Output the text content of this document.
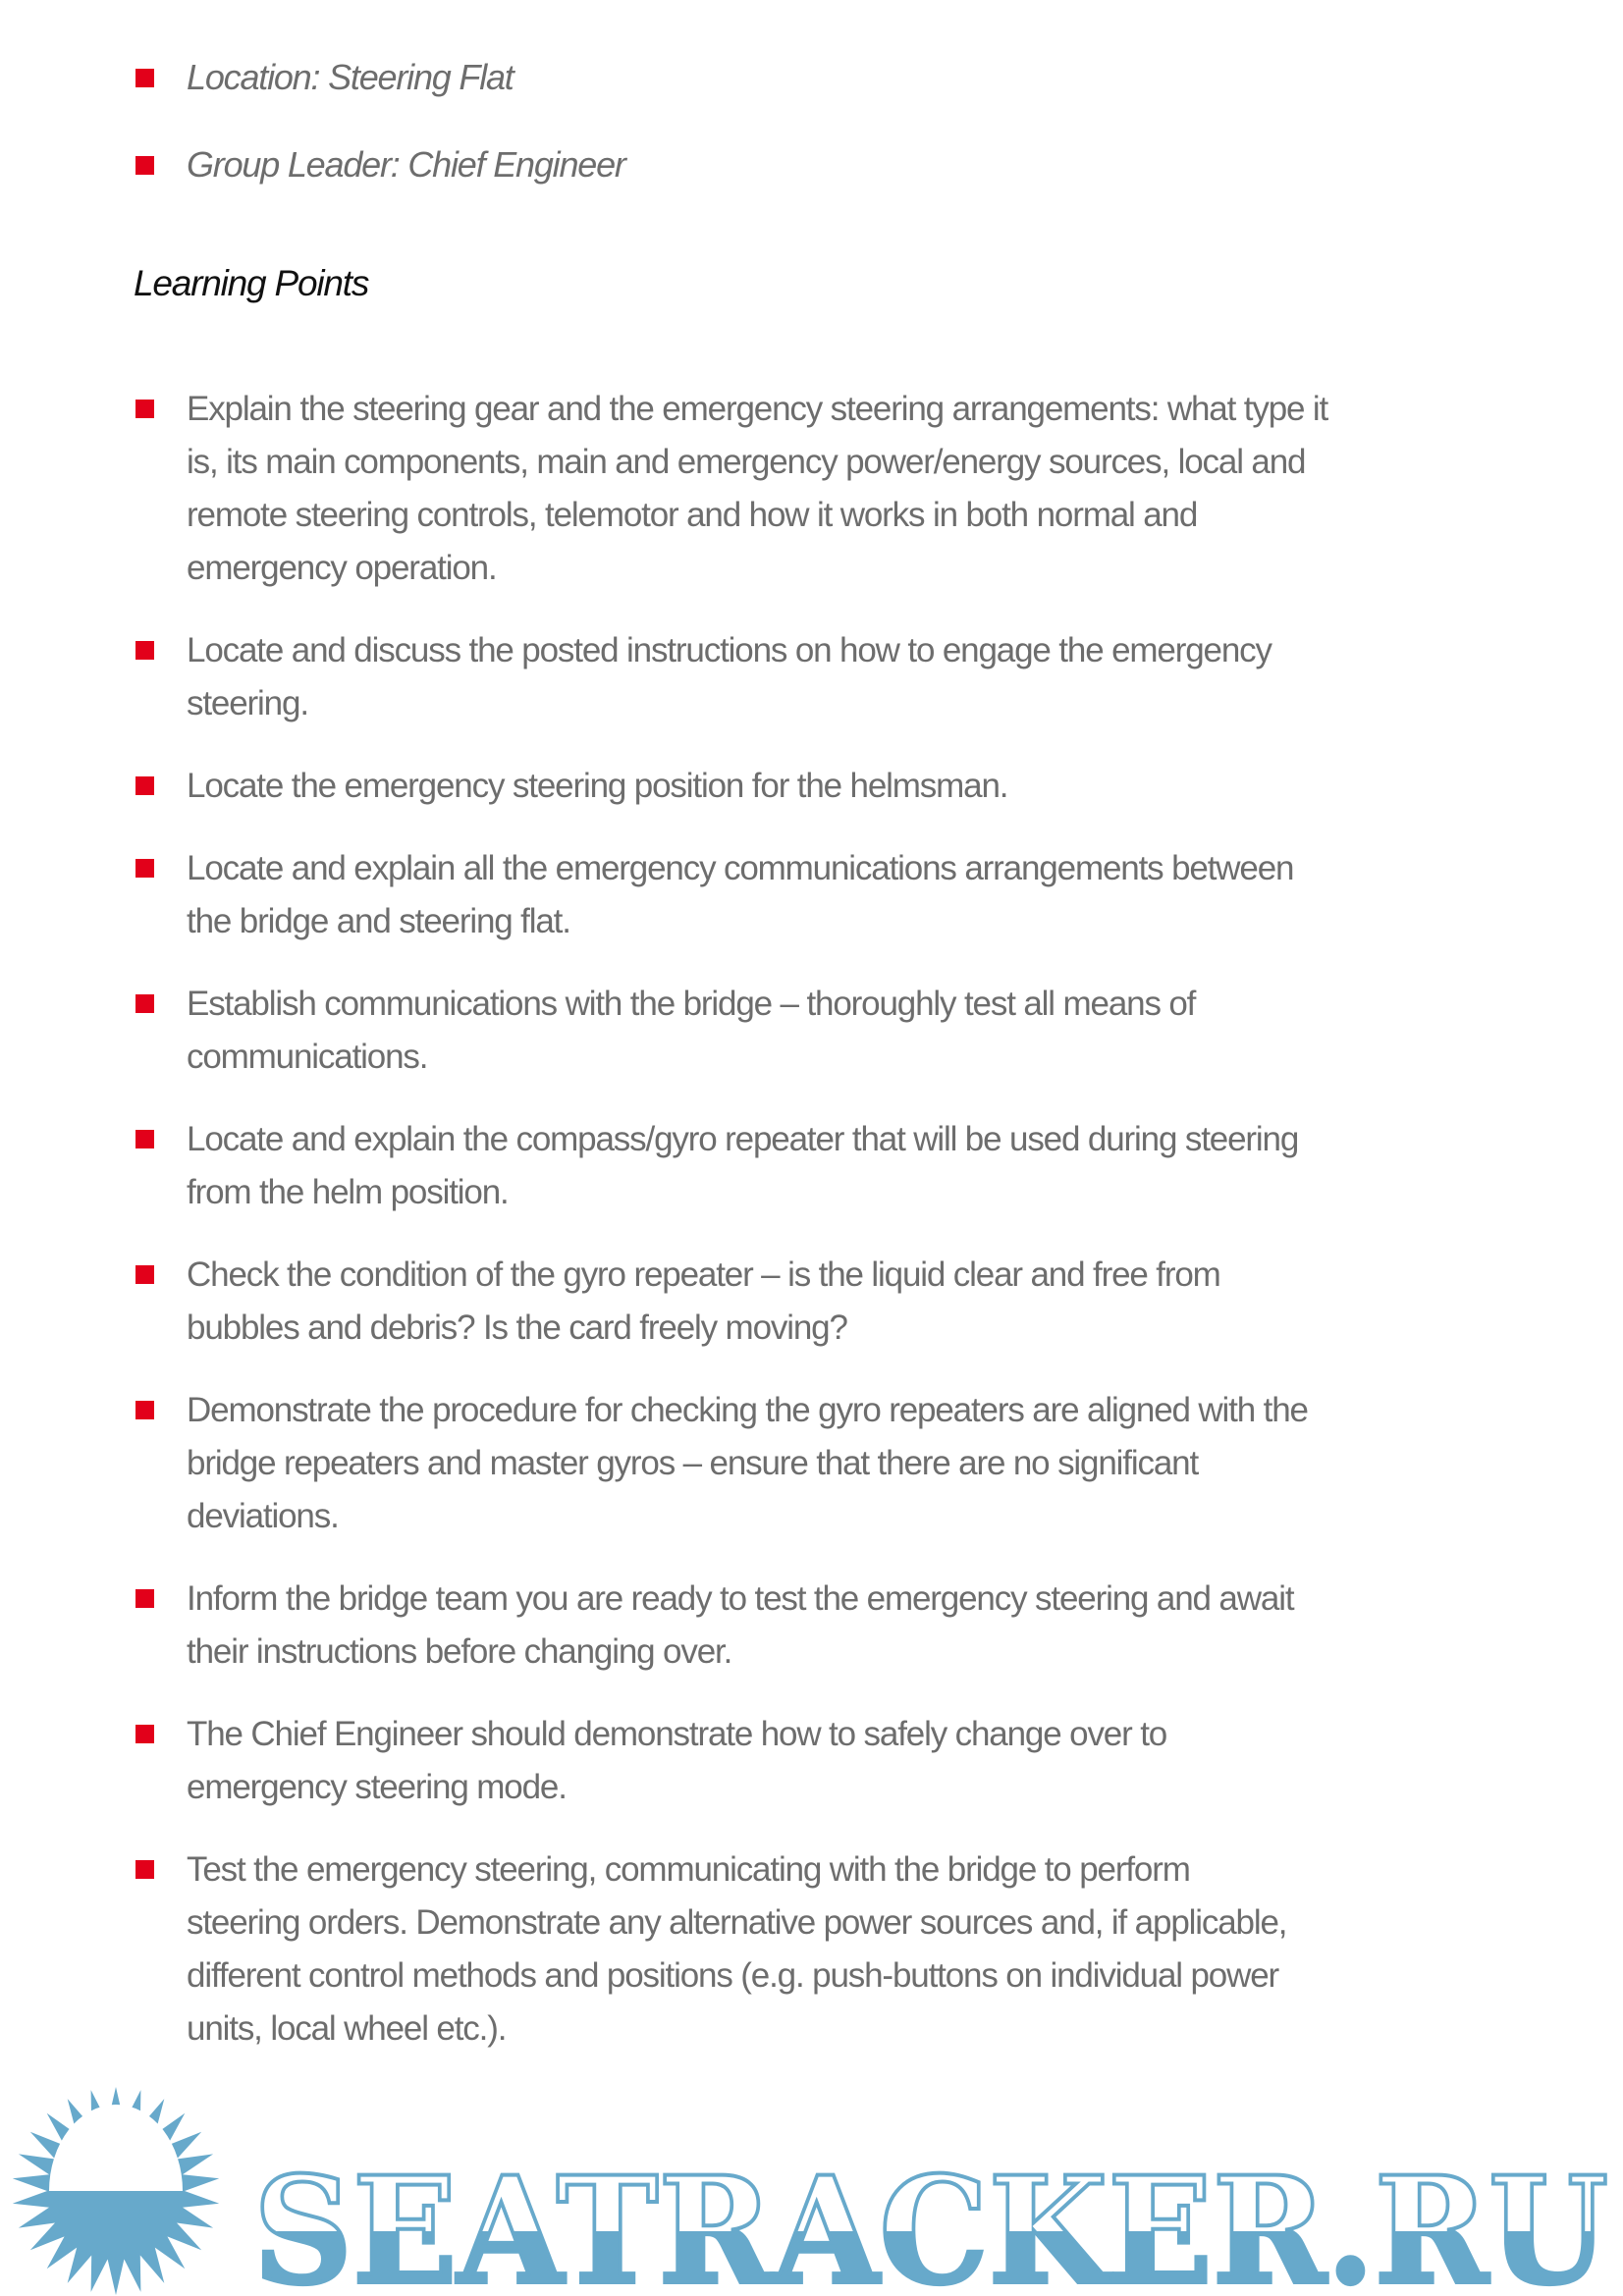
Location: Steering Flat
Group Leader: Chief Engineer
Learning Points
Explain the steering gear and the emergency steering arrangements: what type it
is, its main components, main and emergency power/energy sources, local and
remote steering controls, telemotor and how it works in both normal and
emergency operation.
Locate and discuss the posted instructions on how to engage the emergency
steering.
Locate the emergency steering position for the helmsman.
Locate and explain all the emergency communications arrangements between
the bridge and steering flat.
Establish communications with the bridge – thoroughly test all means of
communications.
Locate and explain the compass/gyro repeater that will be used during steering
from the helm position.
Check the condition of the gyro repeater – is the liquid clear and free from
bubbles and debris? Is the card freely moving?
Demonstrate the procedure for checking the gyro repeaters are aligned with the
bridge repeaters and master gyros – ensure that there are no significant
deviations.
Inform the bridge team you are ready to test the emergency steering and await
their instructions before changing over.
The Chief Engineer should demonstrate how to safely change over to
emergency steering mode.
Test the emergency steering, communicating with the bridge to perform
steering orders. Demonstrate any alternative power sources and, if applicable,
different control methods and positions (e.g. push-buttons on individual power
units, local wheel etc.).
SEATRACKER.RU
